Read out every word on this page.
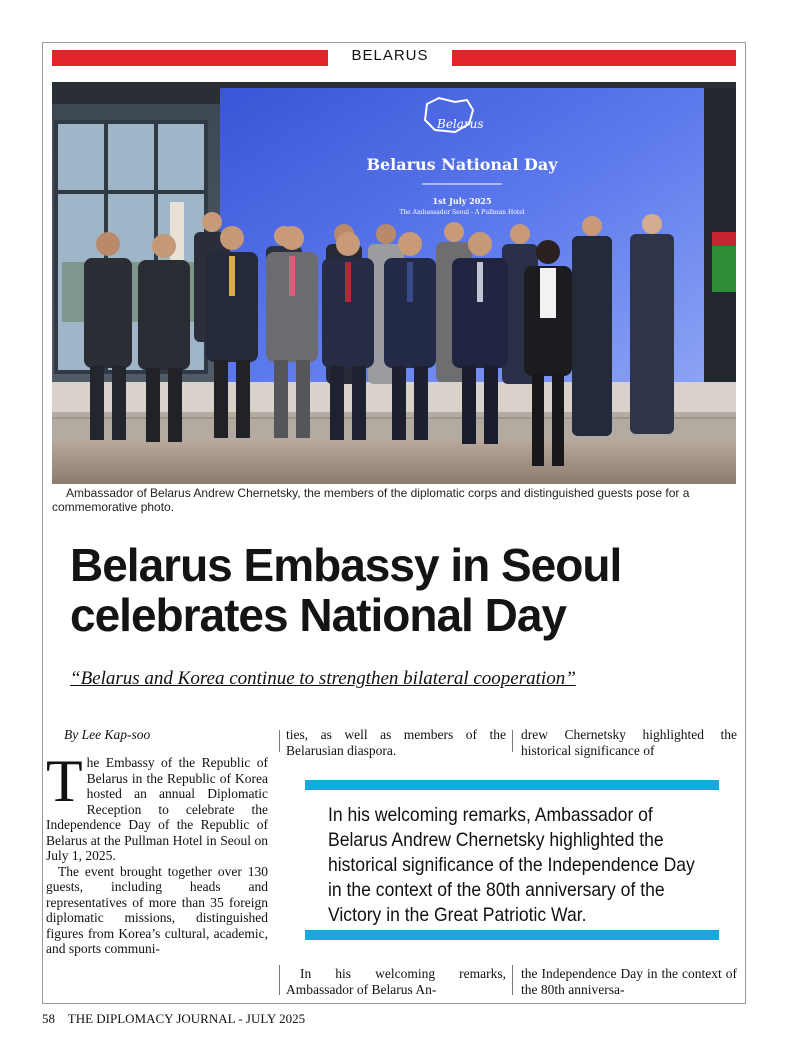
BELARUS
Belarus
Belarus National Day
1st July 2025
The Ambassador Seoul - A Pullman Hotel
Ambassador of Belarus Andrew Chernetsky, the members of the diplomatic corps and distinguished guests pose for a commemorative photo.
Belarus Embassy in Seoul celebrates National Day
“Belarus and Korea continue to strengthen bilateral cooperation”
By Lee Kap-soo

The Embassy of the Republic of Belarus in the Republic of Korea hosted an annual Diplomatic Reception to celebrate the Independence Day of the Republic of Belarus at the Pullman Hotel in Seoul on July 1, 2025.

The event brought together over 130 guests, including heads and representatives of more than 35 foreign diplomatic missions, distinguished figures from Korea’s cultural, academic, and sports communi-

ties, as well as members of the Belarusian diaspora.

drew Chernetsky highlighted the historical significance of

In his welcoming remarks, Ambassador of Belarus Andrew Chernetsky highlighted the historical significance of the Independence Day in the context of the 80th anniversary of the Victory in the Great Patriotic War.

In his welcoming remarks, Ambassador of Belarus An-

the Independence Day in the context of the 80th anniversa-

58    THE DIPLOMACY JOURNAL - JULY 2025
